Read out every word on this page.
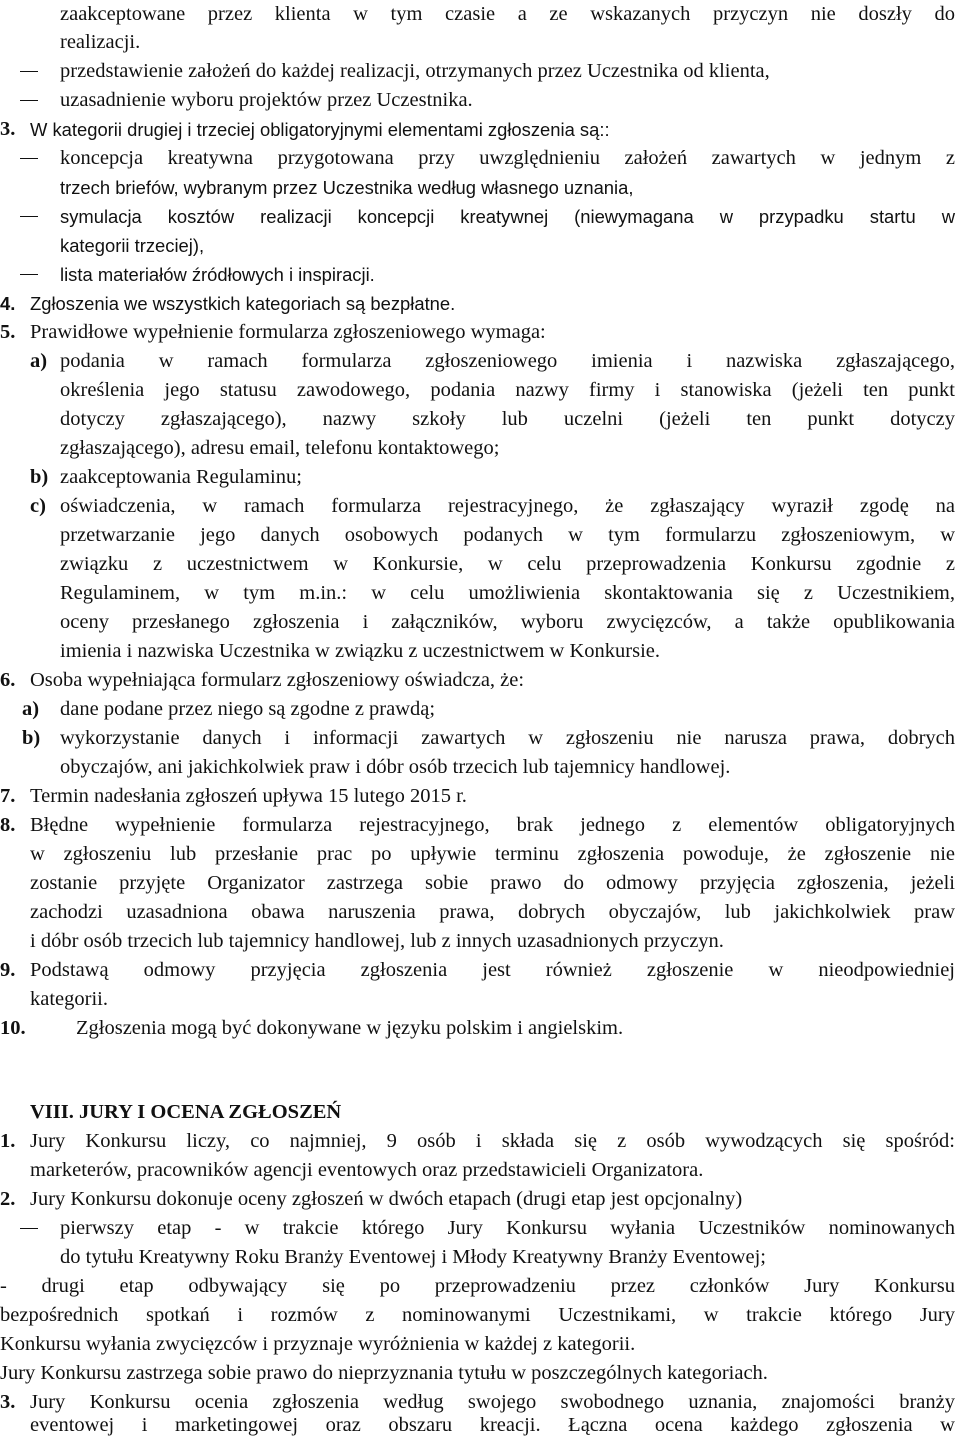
zaakceptowane przez klienta w tym czasie a ze wskazanych przyczyn nie doszły do
realizacji.
przedstawienie założeń do każdej realizacji, otrzymanych przez Uczestnika od klienta,
uzasadnienie wyboru projektów przez Uczestnika.
3. W kategorii drugiej i trzeciej obligatoryjnymi elementami zgłoszenia są::
koncepcja kreatywna przygotowana przy uwzględnieniu założeń zawartych w jednym z
trzech briefów, wybranym przez Uczestnika według własnego uznania,
symulacja kosztów realizacji koncepcji kreatywnej (niewymagana w przypadku startu w
kategorii trzeciej),
lista materiałów źródłowych i inspiracji.
4. Zgłoszenia we wszystkich kategoriach są bezpłatne.
5. Prawidłowe wypełnienie formularza zgłoszeniowego wymaga:
a) podania w ramach formularza zgłoszeniowego imienia i nazwiska zgłaszającego,
określenia jego statusu zawodowego, podania nazwy firmy i stanowiska (jeżeli ten punkt
dotyczy zgłaszającego), nazwy szkoły lub uczelni (jeżeli ten punkt dotyczy
zgłaszającego), adresu email, telefonu kontaktowego;
b) zaakceptowania Regulaminu;
c) oświadczenia, w ramach formularza rejestracyjnego, że zgłaszający wyraził zgodę na
przetwarzanie jego danych osobowych podanych w tym formularzu zgłoszeniowym, w
związku z uczestnictwem w Konkursie, w celu przeprowadzenia Konkursu zgodnie z
Regulaminem, w tym m.in.: w celu umożliwienia skontaktowania się z Uczestnikiem,
oceny przesłanego zgłoszenia i załączników, wyboru zwycięzców, a także opublikowania
imienia i nazwiska Uczestnika w związku z uczestnictwem w Konkursie.
6. Osoba wypełniająca formularz zgłoszeniowy oświadcza, że:
a) dane podane przez niego są zgodne z prawdą;
b) wykorzystanie danych i informacji zawartych w zgłoszeniu nie narusza prawa, dobrych
obyczajów, ani jakichkolwiek praw i dóbr osób trzecich lub tajemnicy handlowej.
7. Termin nadesłania zgłoszeń upływa 15 lutego 2015 r.
8. Błędne wypełnienie formularza rejestracyjnego, brak jednego z elementów obligatoryjnych
w zgłoszeniu lub przesłanie prac po upływie terminu zgłoszenia powoduje, że zgłoszenie nie
zostanie przyjęte Organizator zastrzega sobie prawo do odmowy przyjęcia zgłoszenia, jeżeli
zachodzi uzasadniona obawa naruszenia prawa, dobrych obyczajów, lub jakichkolwiek praw
i dóbr osób trzecich lub tajemnicy handlowej, lub z innych uzasadnionych przyczyn.
9. Podstawą odmowy przyjęcia zgłoszenia jest również zgłoszenie w nieodpowiedniej
kategorii.
10. Zgłoszenia mogą być dokonywane w języku polskim i angielskim.
VIII. JURY I OCENA ZGŁOSZEŃ
1. Jury Konkursu liczy, co najmniej, 9 osób i składa się z osób wywodzących się spośród:
marketerów, pracowników agencji eventowych oraz przedstawicieli Organizatora.
2. Jury Konkursu dokonuje oceny zgłoszeń w dwóch etapach (drugi etap jest opcjonalny)
pierwszy etap - w trakcie którego Jury Konkursu wyłania Uczestników nominowanych
do tytułu Kreatywny Roku Branży Eventowej i Młody Kreatywny Branży Eventowej;
- drugi etap odbywający się po przeprowadzeniu przez członków Jury Konkursu
bezpośrednich spotkań i rozmów z nominowanymi Uczestnikami, w trakcie którego Jury
Konkursu wyłania zwycięzców i przyznaje wyróżnienia w każdej z kategorii.
Jury Konkursu zastrzega sobie prawo do nieprzyznania tytułu w poszczególnych kategoriach.
3. Jury Konkursu ocenia zgłoszenia według swojego swobodnego uznania, znajomości branży
eventowej i marketingowej oraz obszaru kreacji. Łączna ocena każdego zgłoszenia w
